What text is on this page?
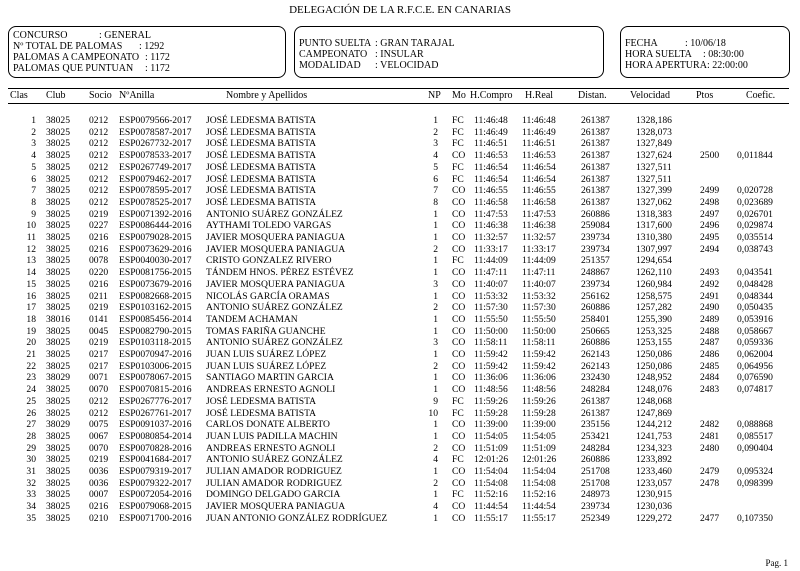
DELEGACIÓN DE LA R.F.C.E. EN CANARIAS
CONCURSO	: GENERAL
Nº TOTAL DE PALOMAS : 1292
PALOMAS A CAMPEONATO : 1172
PALOMAS QUE PUNTUAN : 1172
PUNTO SUELTA : GRAN TARAJAL
CAMPEONATO : INSULAR
MODALIDAD : VELOCIDAD
FECHA	: 10/06/18
HORA SUELTA : 08:30:00
HORA APERTURA : 22:00:00
Clas Club Socio NºAnilla	Nombre y Apellidos	NP Mo H.Compro H.Real Distan. Velocidad	Ptos	Coefic.
1 38025 0212 ESP0079566-2017 JOSÉ LEDESMA BATISTA	1 FC 11:46:48 11:46:48	261387	1328,186
2 38025 0212 ESP0078587-2017 JOSÉ LEDESMA BATISTA	2 FC 11:46:49 11:46:49	261387	1328,073
3 38025 0212 ESP0267732-2017 JOSÉ LEDESMA BATISTA	3 FC 11:46:51 11:46:51	261387	1327,849
4 38025 0212 ESP0078533-2017 JOSÉ LEDESMA BATISTA	4 CO 11:46:53 11:46:53	261387	1327,624	2500 0,011844
5 38025 0212 ESP0267749-2017 JOSÉ LEDESMA BATISTA	5 FC 11:46:54 11:46:54	261387	1327,511
6 38025 0212 ESP0079462-2017 JOSÉ LEDESMA BATISTA	6 FC 11:46:54 11:46:54	261387	1327,511
7 38025 0212 ESP0078595-2017 JOSÉ LEDESMA BATISTA	7 CO 11:46:55 11:46:55	261387	1327,399	2499 0,020728
8 38025 0212 ESP0078525-2017 JOSÉ LEDESMA BATISTA	8 CO 11:46:58 11:46:58	261387	1327,062	2498 0,023689
9 38025 0219 ESP0071392-2016 ANTONIO SUÁREZ GONZÁLEZ	1 CO 11:47:53 11:47:53	260886	1318,383	2497 0,026701
10 38025 0227 ESP0086444-2016 AYTHAMI TOLEDO VARGAS	1 CO 11:46:38 11:46:38	259084	1317,600	2496 0,029874
11 38025 0216 ESP0079028-2015 JAVIER MOSQUERA PANIAGUA	1 CO 11:32:57 11:32:57	239734	1310,380	2495 0,035514
12 38025 0216 ESP0073629-2016 JAVIER MOSQUERA PANIAGUA	2 CO 11:33:17 11:33:17	239734	1307,997	2494 0,038743
13 38025 0078 ESP0040030-2017 CRISTO GONZALEZ RIVERO	1 FC 11:44:09 11:44:09	251357	1294,654
14 38025 0220 ESP0081756-2015 TÁNDEM HNOS. PÉREZ ESTÉVEZ	1 CO 11:47:11 11:47:11	248867	1262,110	2493 0,043541
15 38025 0216 ESP0073679-2016 JAVIER MOSQUERA PANIAGUA	3 CO 11:40:07 11:40:07	239734	1260,984	2492 0,048428
16 38025 0211 ESP0082668-2015 NICOLÁS GARCÍA ORAMAS	1 CO 11:53:32 11:53:32	256162	1258,575	2491 0,048344
17 38025 0219 ESP0103162-2015 ANTONIO SUÁREZ GONZÁLEZ	2 CO 11:57:30 11:57:30	260886	1257,282	2490 0,050435
18 38016 0141 ESP0085456-2014 TANDEM ACHAMAN	1 CO 11:55:50 11:55:50	258401	1255,390	2489 0,053916
19 38025 0045 ESP0082790-2015 TOMAS FARIÑA GUANCHE	1 CO 11:50:00 11:50:00	250665	1253,325	2488 0,058667
20 38025 0219 ESP0103118-2015 ANTONIO SUÁREZ GONZÁLEZ	3 CO 11:58:11 11:58:11	260886	1253,155	2487 0,059336
21 38025 0217 ESP0070947-2016 JUAN LUIS SUÁREZ LÓPEZ	1 CO 11:59:42 11:59:42	262143	1250,086	2486 0,062004
22 38025 0217 ESP0103006-2015 JUAN LUIS SUÁREZ LÓPEZ	2 CO 11:59:42 11:59:42	262143	1250,086	2485 0,064956
23 38029 0071 ESP0078067-2015 SANTIAGO MARTIN GARCIA	1 CO 11:36:06 11:36:06	232430	1248,952	2484 0,076590
24 38025 0070 ESP0070815-2016 ANDREAS ERNESTO AGNOLI	1 CO 11:48:56 11:48:56	248284	1248,076	2483 0,074817
25 38025 0212 ESP0267776-2017 JOSÉ LEDESMA BATISTA	9 FC 11:59:26 11:59:26	261387	1248,068
26 38025 0212 ESP0267761-2017 JOSÉ LEDESMA BATISTA	10 FC 11:59:28 11:59:28	261387	1247,869
27 38029 0075 ESP0091037-2016 CARLOS DONATE ALBERTO	1 CO 11:39:00 11:39:00	235156	1244,212	2482 0,088868
28 38025 0067 ESP0080854-2014 JUAN LUIS PADILLA MACHIN	1 CO 11:54:05 11:54:05	253421	1241,753	2481 0,085517
29 38025 0070 ESP0070828-2016 ANDREAS ERNESTO AGNOLI	2 CO 11:51:09 11:51:09	248284	1234,323	2480 0,090404
30 38025 0219 ESP0041684-2017 ANTONIO SUÁREZ GONZÁLEZ	4 FC 12:01:26 12:01:26	260886	1233,892
31 38025 0036 ESP0079319-2017 JULIAN AMADOR RODRIGUEZ	1 CO 11:54:04 11:54:04	251708	1233,460	2479 0,095324
32 38025 0036 ESP0079322-2017 JULIAN AMADOR RODRIGUEZ	2 CO 11:54:08 11:54:08	251708	1233,057	2478 0,098399
33 38025 0007 ESP0072054-2016 DOMINGO DELGADO GARCIA	1 FC 11:52:16 11:52:16	248973	1230,915
34 38025 0216 ESP0079068-2015 JAVIER MOSQUERA PANIAGUA	4 CO 11:44:54 11:44:54	239734	1230,036
35 38025 0210 ESP0071700-2016 JUAN ANTONIO GONZÁLEZ RODRÍGUEZ	1 CO 11:55:17 11:55:17	252349	1229,272	2477 0,107350
Pag. 1
